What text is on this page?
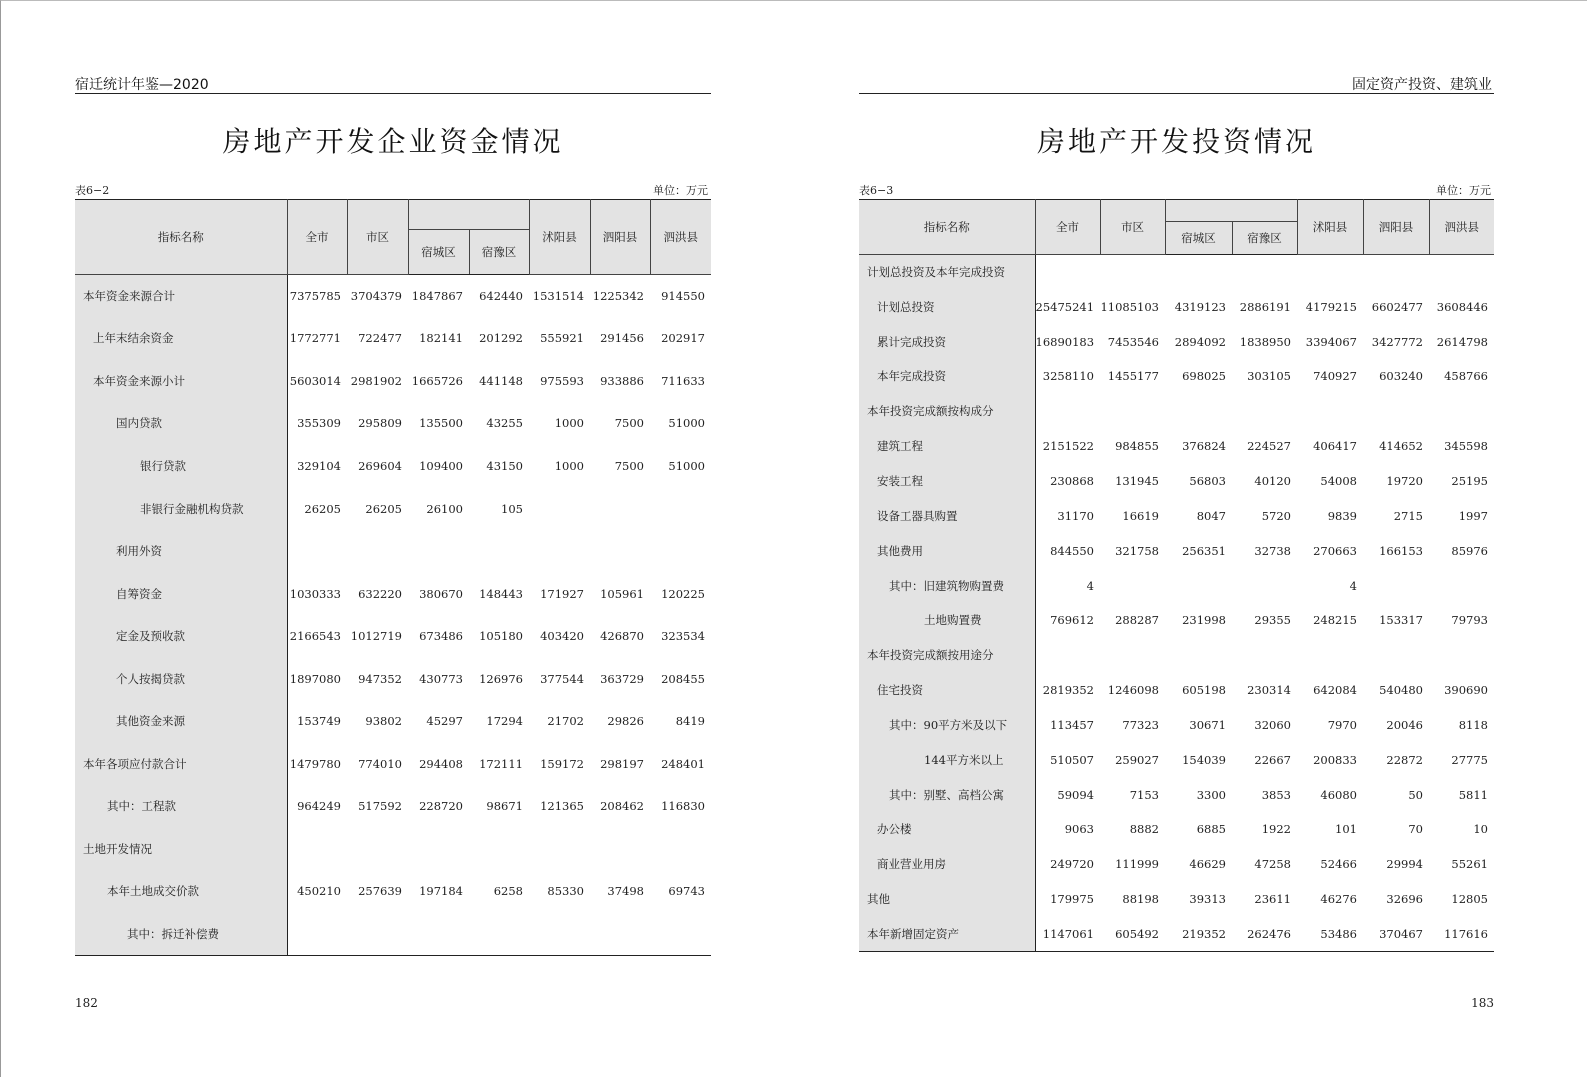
宿迁统计年鉴—2020
房地产开发企业资金情况
表6−2	单位：万元
指标名称	全市	市区			沭阳县	泗阳县	泗洪县
			宿城区	宿豫区			
本年资金来源合计	7375785	3704379	1847867	642440	1531514	1225342	914550
上年末结余资金	1772771	722477	182141	201292	555921	291456	202917
本年资金来源小计	5603014	2981902	1665726	441148	975593	933886	711633
国内贷款	355309	295809	135500	43255	1000	7500	51000
银行贷款	329104	269604	109400	43150	1000	7500	51000
非银行金融机构贷款	26205	26205	26100	105			
利用外资							
自筹资金	1030333	632220	380670	148443	171927	105961	120225
定金及预收款	2166543	1012719	673486	105180	403420	426870	323534
个人按揭贷款	1897080	947352	430773	126976	377544	363729	208455
其他资金来源	153749	93802	45297	17294	21702	29826	8419
本年各项应付款合计	1479780	774010	294408	172111	159172	298197	248401
其中：工程款	964249	517592	228720	98671	121365	208462	116830
土地开发情况							
本年土地成交价款	450210	257639	197184	6258	85330	37498	69743
其中：拆迁补偿费							
182
固定资产投资、建筑业
房地产开发投资情况
表6−3	单位：万元
指标名称	全市	市区			沭阳县	泗阳县	泗洪县
			宿城区	宿豫区			
计划总投资及本年完成投资							
计划总投资	25475241	11085103	4319123	2886191	4179215	6602477	3608446
累计完成投资	16890183	7453546	2894092	1838950	3394067	3427772	2614798
本年完成投资	3258110	1455177	698025	303105	740927	603240	458766
本年投资完成额按构成分							
建筑工程	2151522	984855	376824	224527	406417	414652	345598
安装工程	230868	131945	56803	40120	54008	19720	25195
设备工器具购置	31170	16619	8047	5720	9839	2715	1997
其他费用	844550	321758	256351	32738	270663	166153	85976
其中：旧建筑物购置费	4				4		
土地购置费	769612	288287	231998	29355	248215	153317	79793
本年投资完成额按用途分							
住宅投资	2819352	1246098	605198	230314	642084	540480	390690
其中：90平方米及以下	113457	77323	30671	32060	7970	20046	8118
144平方米以上	510507	259027	154039	22667	200833	22872	27775
其中：别墅、高档公寓	59094	7153	3300	3853	46080	50	5811
办公楼	9063	8882	6885	1922	101	70	10
商业营业用房	249720	111999	46629	47258	52466	29994	55261
其他	179975	88198	39313	23611	46276	32696	12805
本年新增固定资产	1147061	605492	219352	262476	53486	370467	117616
183
